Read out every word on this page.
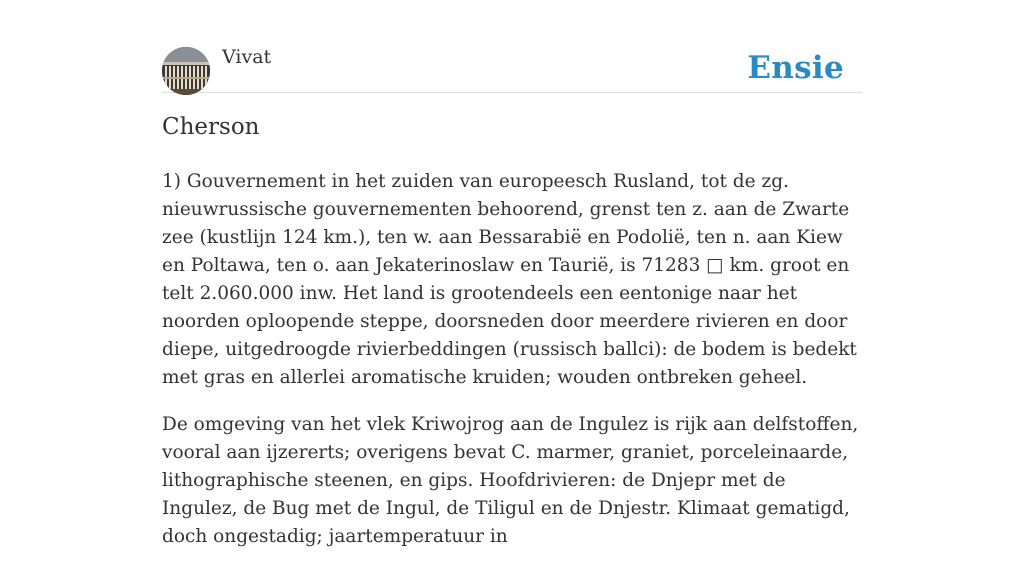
Vivat	Ensie
Cherson

1) Gouvernement in het zuiden van europeesch Rusland, tot de zg. nieuwrussische gouvernementen behoorend, grenst ten z. aan de Zwarte zee (kustlijn 124 km.), ten w. aan Bessarabië en Podolië, ten n. aan Kiew en Poltawa, ten o. aan Jekaterinoslaw en Taurië, is 71283 □ km. groot en telt 2.060.000 inw. Het land is grootendeels een eentonige naar het noorden oploopende steppe, doorsneden door meerdere rivieren en door diepe, uitgedroogde rivierbeddingen (russisch ballci): de bodem is bedekt met gras en allerlei aromatische kruiden; wouden ontbreken geheel.

De omgeving van het vlek Kriwojrog aan de Ingulez is rijk aan delfstoffen, vooral aan ijzererts; overigens bevat C. marmer, graniet, porceleinaarde, lithographische steenen, en gips. Hoofdrivieren: de Dnjepr met de Ingulez, de Bug met de Ingul, de Tiligul en de Dnjestr. Klimaat gematigd, doch ongestadig; jaartemperatuur in
